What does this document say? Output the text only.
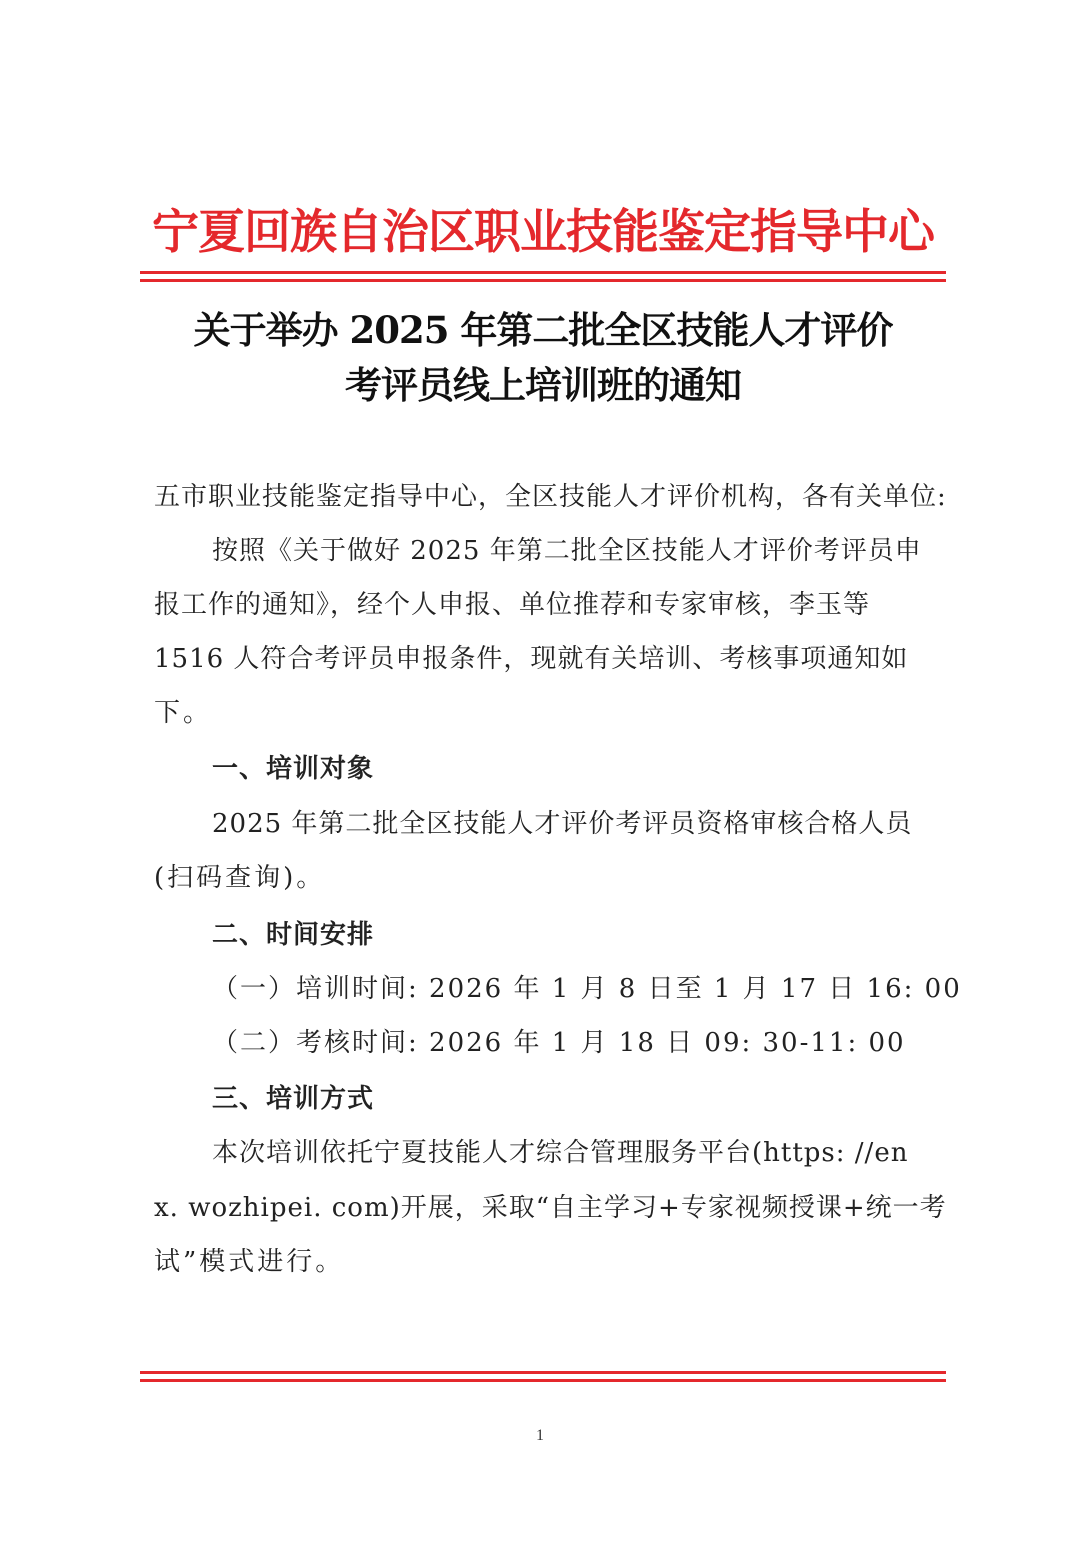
宁夏回族自治区职业技能鉴定指导中心
关于举办 2025 年第二批全区技能人才评价
考评员线上培训班的通知
五市职业技能鉴定指导中心，全区技能人才评价机构，各有关单位:
按照《关于做好 2025 年第二批全区技能人才评价考评员申
报工作的通知》，经个人申报、单位推荐和专家审核，李玉等
1516 人符合考评员申报条件，现就有关培训、考核事项通知如
下。
一、培训对象
2025 年第二批全区技能人才评价考评员资格审核合格人员
(扫码查询)。
二、时间安排
（一）培训时间: 2026 年 1 月 8 日至 1 月 17 日 16: 00
（二）考核时间: 2026 年 1 月 18 日 09: 30-11: 00
三、培训方式
本次培训依托宁夏技能人才综合管理服务平台(https: //en
x. wozhipei. com)开展，采取“自主学习+专家视频授课+统一考
试”模式进行。
1
